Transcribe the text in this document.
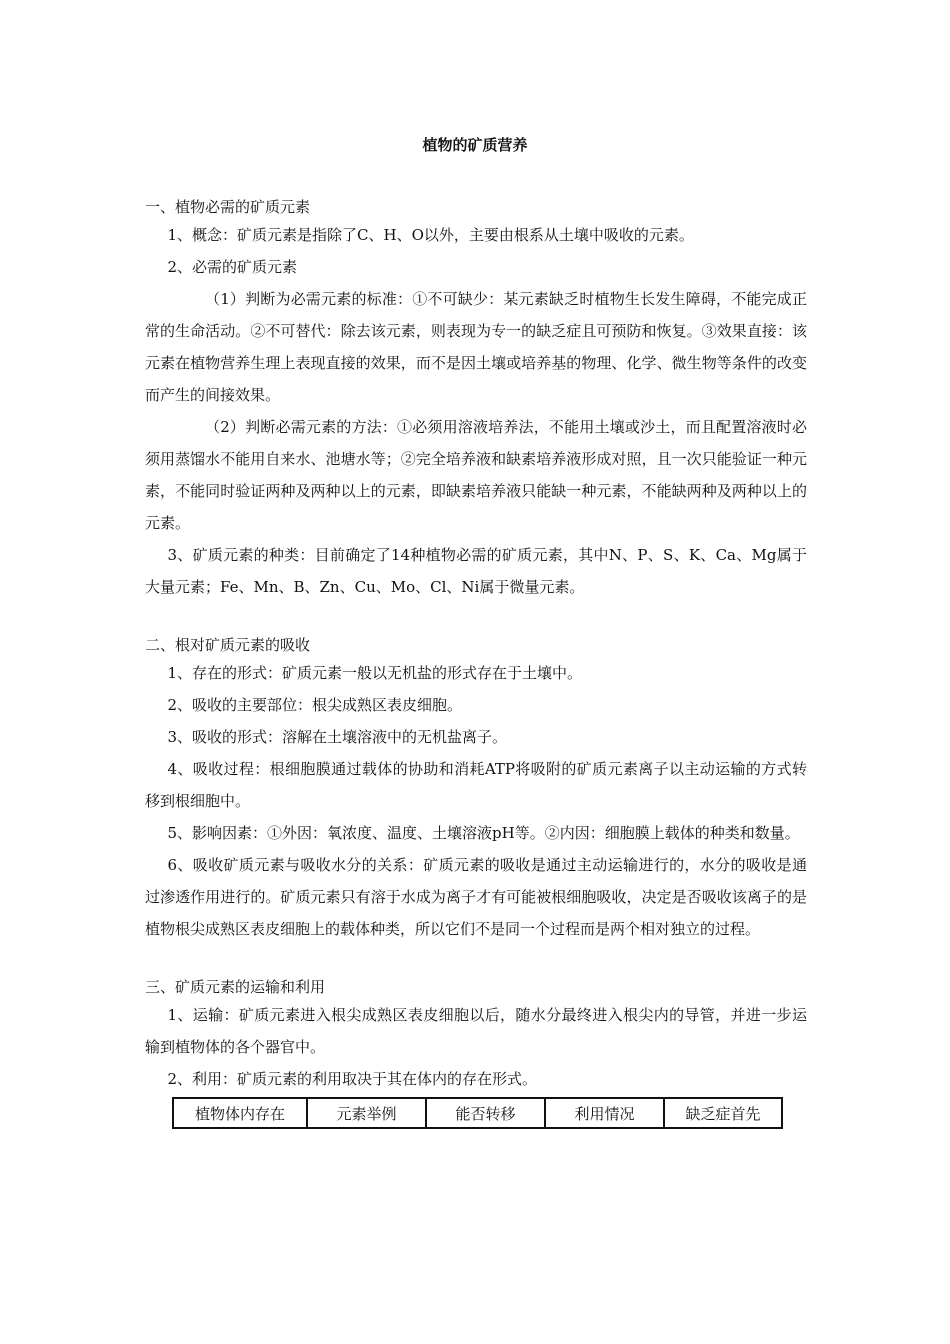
植物的矿质营养
一、植物必需的矿质元素
1、概念：矿质元素是指除了C、H、O以外，主要由根系从土壤中吸收的元素。
2、必需的矿质元素
（1）判断为必需元素的标准：①不可缺少：某元素缺乏时植物生长发生障碍，不能完成正常的生命活动。②不可替代：除去该元素，则表现为专一的缺乏症且可预防和恢复。③效果直接：该元素在植物营养生理上表现直接的效果，而不是因土壤或培养基的物理、化学、微生物等条件的改变而产生的间接效果。
（2）判断必需元素的方法：①必须用溶液培养法，不能用土壤或沙土，而且配置溶液时必须用蒸馏水不能用自来水、池塘水等；②完全培养液和缺素培养液形成对照，且一次只能验证一种元素，不能同时验证两种及两种以上的元素，即缺素培养液只能缺一种元素，不能缺两种及两种以上的元素。
3、矿质元素的种类：目前确定了14种植物必需的矿质元素，其中N、P、S、K、Ca、Mg属于大量元素；Fe、Mn、B、Zn、Cu、Mo、Cl、Ni属于微量元素。
二、根对矿质元素的吸收
1、存在的形式：矿质元素一般以无机盐的形式存在于土壤中。
2、吸收的主要部位：根尖成熟区表皮细胞。
3、吸收的形式：溶解在土壤溶液中的无机盐离子。
4、吸收过程：根细胞膜通过载体的协助和消耗ATP将吸附的矿质元素离子以主动运输的方式转移到根细胞中。
5、影响因素：①外因：氧浓度、温度、土壤溶液pH等。②内因：细胞膜上载体的种类和数量。
6、吸收矿质元素与吸收水分的关系：矿质元素的吸收是通过主动运输进行的，水分的吸收是通过渗透作用进行的。矿质元素只有溶于水成为离子才有可能被根细胞吸收，决定是否吸收该离子的是植物根尖成熟区表皮细胞上的载体种类，所以它们不是同一个过程而是两个相对独立的过程。
三、矿质元素的运输和利用
1、运输：矿质元素进入根尖成熟区表皮细胞以后，随水分最终进入根尖内的导管，并进一步运输到植物体的各个器官中。
2、利用：矿质元素的利用取决于其在体内的存在形式。
植物体内存在	元素举例	能否转移	利用情况	缺乏症首先
